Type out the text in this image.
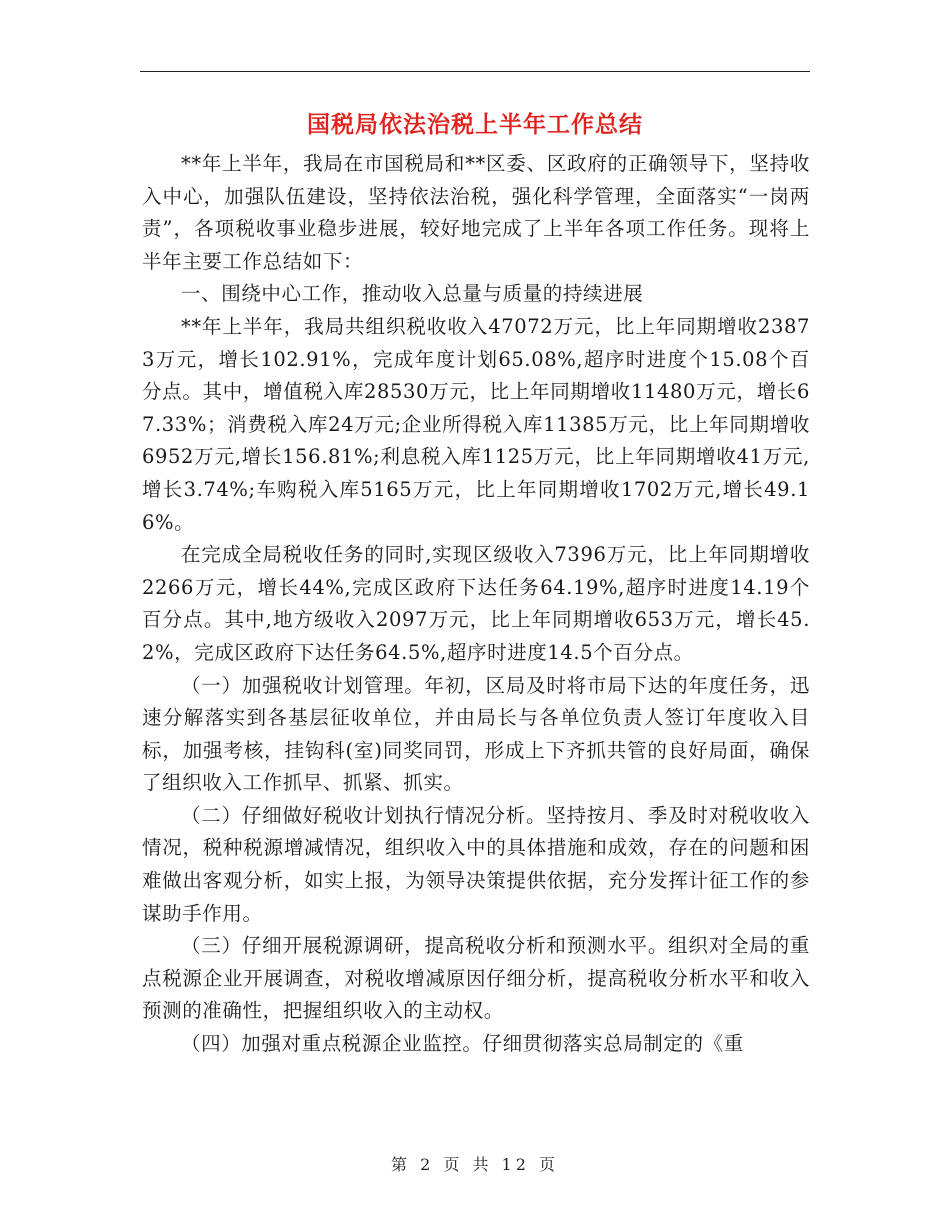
国税局依法治税上半年工作总结

**年上半年，我局在市国税局和**区委、区政府的正确领导下，坚持收入中心，加强队伍建设，坚持依法治税，强化科学管理，全面落实“一岗两责”，各项税收事业稳步进展，较好地完成了上半年各项工作任务。现将上半年主要工作总结如下：

一、围绕中心工作，推动收入总量与质量的持续进展

**年上半年，我局共组织税收收入47072万元，比上年同期增收23873万元，增长102.91%，完成年度计划65.08%,超序时进度个15.08个百分点。其中，增值税入库28530万元，比上年同期增收11480万元，增长67.33%；消费税入库24万元;企业所得税入库11385万元，比上年同期增收6952万元,增长156.81%;利息税入库1125万元，比上年同期增收41万元,增长3.74%;车购税入库5165万元，比上年同期增收1702万元,增长49.16%。

在完成全局税收任务的同时,实现区级收入7396万元，比上年同期增收2266万元，增长44%,完成区政府下达任务64.19%,超序时进度14.19个百分点。其中,地方级收入2097万元，比上年同期增收653万元，增长45.2%，完成区政府下达任务64.5%,超序时进度14.5个百分点。

（一）加强税收计划管理。年初，区局及时将市局下达的年度任务，迅速分解落实到各基层征收单位，并由局长与各单位负责人签订年度收入目标，加强考核，挂钩科(室)同奖同罚，形成上下齐抓共管的良好局面，确保了组织收入工作抓早、抓紧、抓实。

（二）仔细做好税收计划执行情况分析。坚持按月、季及时对税收收入情况，税种税源增减情况，组织收入中的具体措施和成效，存在的问题和困难做出客观分析，如实上报，为领导决策提供依据，充分发挥计征工作的参谋助手作用。

（三）仔细开展税源调研，提高税收分析和预测水平。组织对全局的重点税源企业开展调查，对税收增减原因仔细分析，提高税收分析水平和收入预测的准确性，把握组织收入的主动权。

（四）加强对重点税源企业监控。仔细贯彻落实总局制定的《重

第 2 页 共 12 页
